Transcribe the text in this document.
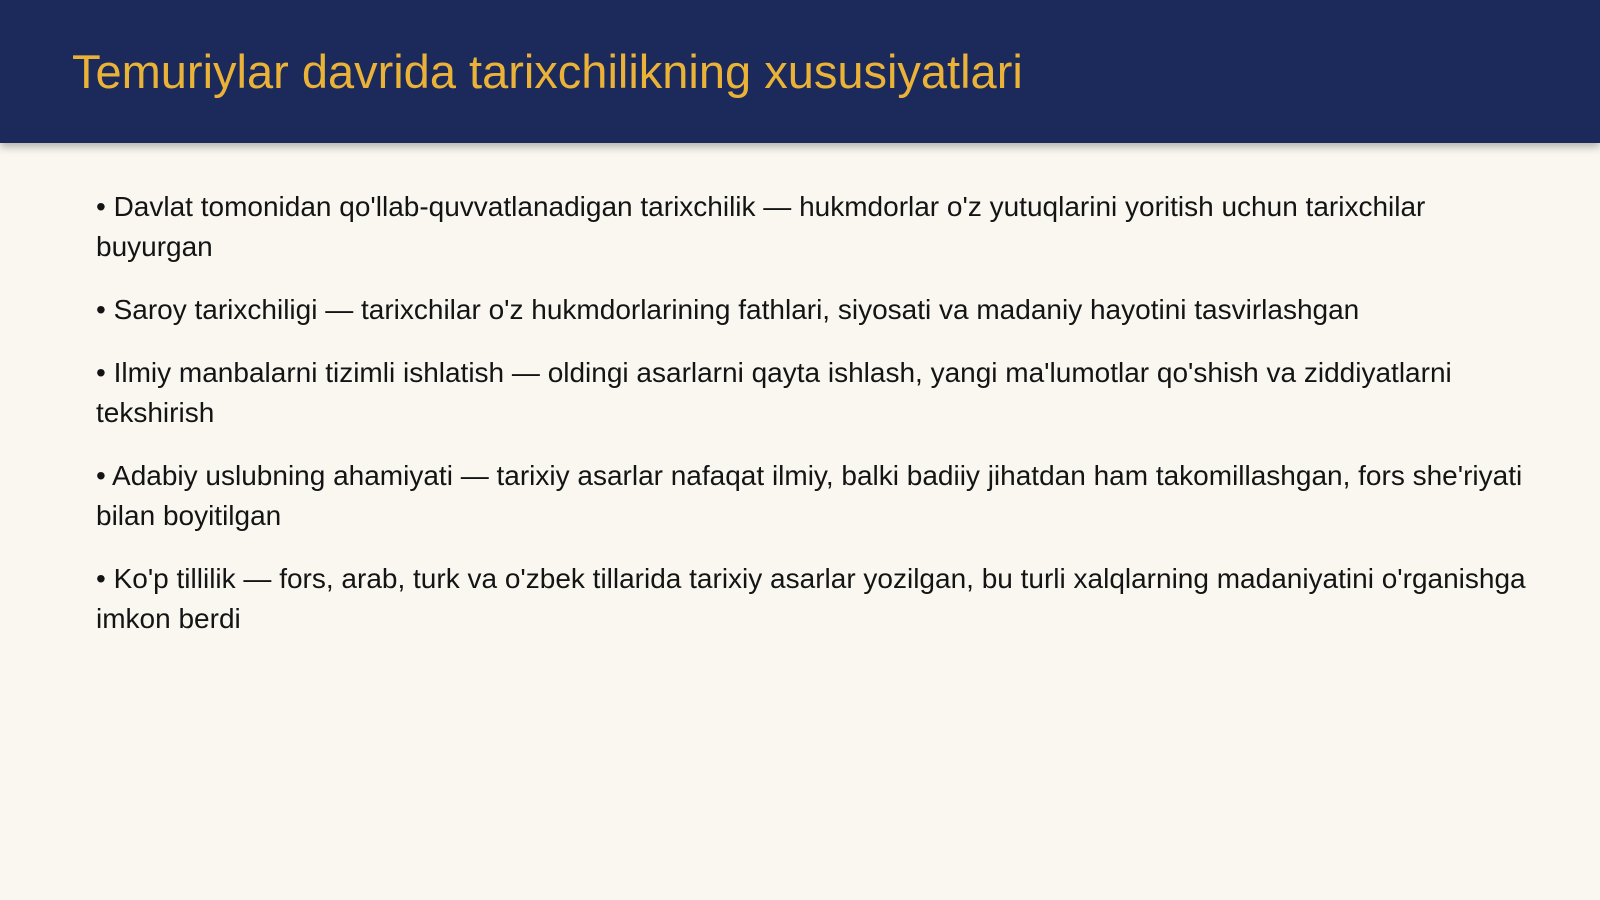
Temuriylar davrida tarixchilikning xususiyatlari
• Davlat tomonidan qo'llab-quvvatlanadigan tarixchilik — hukmdorlar o'z yutuqlarini yoritish uchun tarixchilar buyurgan
• Saroy tarixchiligi — tarixchilar o'z hukmdorlarining fathlari, siyosati va madaniy hayotini tasvirlashgan
• Ilmiy manbalarni tizimli ishlatish — oldingi asarlarni qayta ishlash, yangi ma'lumotlar qo'shish va ziddiyatlarni tekshirish
• Adabiy uslubning ahamiyati — tarixiy asarlar nafaqat ilmiy, balki badiiy jihatdan ham takomillashgan, fors she'riyati bilan boyitilgan
• Ko'p tillilik — fors, arab, turk va o'zbek tillarida tarixiy asarlar yozilgan, bu turli xalqlarning madaniyatini o'rganishga imkon berdi
